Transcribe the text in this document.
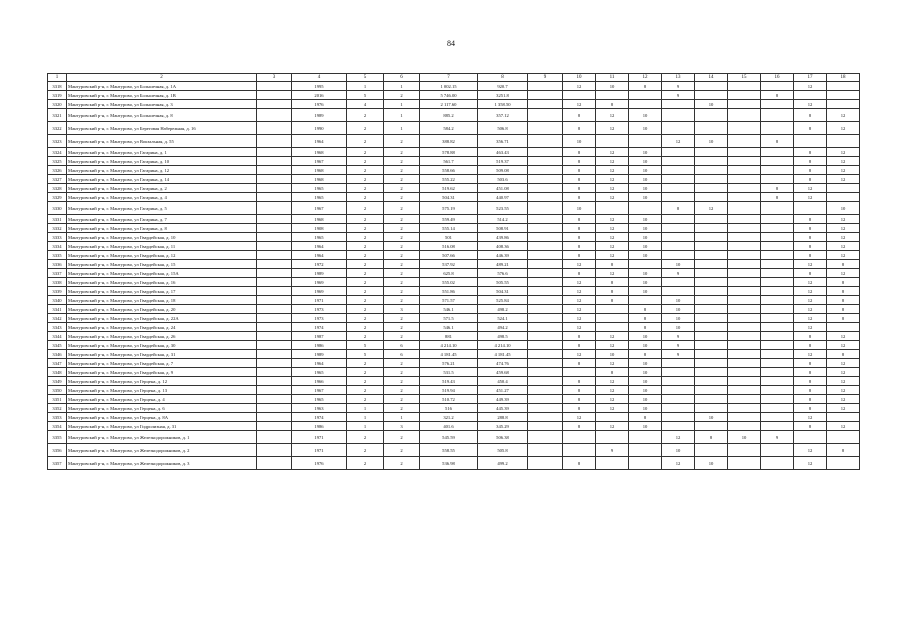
84
1	2	3	4	5	6	7	8	9	10	11	12	13	14	15	16	17	18
3318	Мантуровский р-н, г. Мантурово, ул Большечная, д. 1А		1995	1	1	1 002.15	920.7		12	10	8	9				12	
3319	Мантуровский р-н, г. Мантурово, ул Большечная, д. 1В		2016	5	2	5 746.00	3251.8					9			8		
3320	Мантуровский р-н, г. Мантурово, ул Большечная, д. 3		1976	4	1	2 117.60	1 358.50		12	8			10			12	
3321	Мантуровский р-н, г. Мантурово, ул Большечная, д. 8		1989	2	1	885.2	357.12		8	12	10					8	12
3322	Мантуровский р-н, г. Мантурово, ул Береговая Набережная, д. 16		1990	2	1	584.2	506.8		8	12	10					8	12
3323	Мантуровский р-н, г. Мантурово, ул Вокзальная, д. 55		1964	2	2	388.82	356.71		10			12	10		8		
3324	Мантуровский р-н, г. Мантурово, ул Гагарина, д. 1		1968	2	2	578.88	463.43		8	12	10					8	12
3325	Мантуровский р-н, г. Мантурово, ул Гагарина, д. 10		1967	2	2	561.7	519.37		8	12	10					8	12
3326	Мантуровский р-н, г. Мантурово, ул Гагарина, д. 12		1968	2	2	558.66	509.08		8	12	10					8	12
3327	Мантуровский р-н, г. Мантурово, ул Гагарина, д. 14		1968	2	2	555.22	503.6		8	12	10					8	12
3328	Мантуровский р-н, г. Мантурово, ул Гагарина, д. 2		1965	2	2	519.62	451.08		8	12	10				8	12	
3329	Мантуровский р-н, г. Мантурово, ул Гагарина, д. 4		1965	2	2	504.31	440.97		8	12	10				8	12	
3330	Мантуровский р-н, г. Мантурово, ул Гагарина, д. 5		1967	2	2	575.19	523.55		10			8	12				10
3331	Мантуровский р-н, г. Мантурово, ул Гагарина, д. 7		1968	2	2	559.49	514.2		8	12	10					8	12
3332	Мантуровский р-н, г. Мантурово, ул Гагарина, д. 8		1908	2	2	555.14	508.91		8	12	10					8	12
3333	Мантуровский р-н, г. Мантурово, ул Гвардейская, д. 10		1965	2	2	501	439.86		8	12	10					8	12
3334	Мантуровский р-н, г. Мантурово, ул Гвардейская, д. 11		1964	2	2	516.08	408.36		8	12	10					8	12
3335	Мантуровский р-н, г. Мантурово, ул Гвардейская, д. 12		1964	2	2	507.66	446.39		8	12	10					8	12
3336	Мантуровский р-н, г. Мантурово, ул Гвардейская, д. 15		1972	2	2	537.92	489.21		12	8		10				12	8
3337	Мантуровский р-н, г. Мантурово, ул Гвардейская, д. 15А		1989	2	2	625.8	576.6		8	12	10	9				8	12
3338	Мантуровский р-н, г. Мантурово, ул Гвардейская, д. 16		1969	2	2	555.02	505.55		12	8	10					12	8
3339	Мантуровский р-н, г. Мантурово, ул Гвардейская, д. 17		1969	2	2	551.86	504.31		12	8	10					12	8
3340	Мантуровский р-н, г. Мантурово, ул Гвардейская, д. 18		1971	2	2	571.57	525.84		12	8		10				12	8
3341	Мантуровский р-н, г. Мантурово, ул Гвардейская, д. 20		1973	2	3	546.1	498.2		12		8	10				12	8
3342	Мантуровский р-н, г. Мантурово, ул Гвардейская, д. 22А		1973	2	2	571.5	524.1		12		8	10				12	8
3343	Мантуровский р-н, г. Мантурово, ул Гвардейская, д. 24		1974	2	2	546.1	494.2		12		8	10				12	
3344	Мантуровский р-н, г. Мантурово, ул Гвардейская, д. 26		1987	2	2	881	498.5		8	12	10	9				8	12
3345	Мантуровский р-н, г. Мантурово, ул Гвардейская, д. 30		1986	5	6	4 214.10	4 214.10		8	12	10	9				8	12
3346	Мантуровский р-н, г. Мантурово, ул Гвардейская, д. 31		1989	5	6	4 181.45	4 181.45		12	10	8	9				12	8
3347	Мантуровский р-н, г. Мантурово, ул Гвардейская, д. 7		1964	2	2	576.21	474.76		8	12	10					8	12
3348	Мантуровский р-н, г. Мантурово, ул Гвардейская, д. 9		1965	2	2	531.5	459.68			8	10					8	12
3349	Мантуровский р-н, г. Мантурово, ул Герцена, д. 12		1966	2	2	519.43	450.4		8	12	10					8	12
3350	Мантуровский р-н, г. Мантурово, ул Герцена, д. 13		1967	2	2	519.94	451.27		8	12	10					8	12
3351	Мантуровский р-н, г. Мантурово, ул Герцена, д. 4		1965	2	2	510.72	449.39		8	12	10					8	12
3352	Мантуровский р-н, г. Мантурово, ул Герцена, д. 6		1963	1	2	516	445.39		8	12	10					8	12
3353	Мантуровский р-н, г. Мантурово, ул Герцена, д. 8А		1974	1	1	321.2	288.8		12		8		10			12	
3354	Мантуровский р-н, г. Мантурово, ул Гидролизная, д. 31		1986	1	3	401.6	345.29		8	12	10					8	12
3355	Мантуровский р-н, г. Мантурово, ул Железнодорожников, д. 1		1971	2	2	545.59	506.38					12	8	10	9		
3356	Мантуровский р-н, г. Мантурово, ул Железнодорожников, д. 2		1971	2	2	558.55	505.8			9		10				12	8
3357	Мантуровский р-н, г. Мантурово, ул Железнодорожников, д. 3		1976	2	2	536.98	499.2		8			12	10			12	
